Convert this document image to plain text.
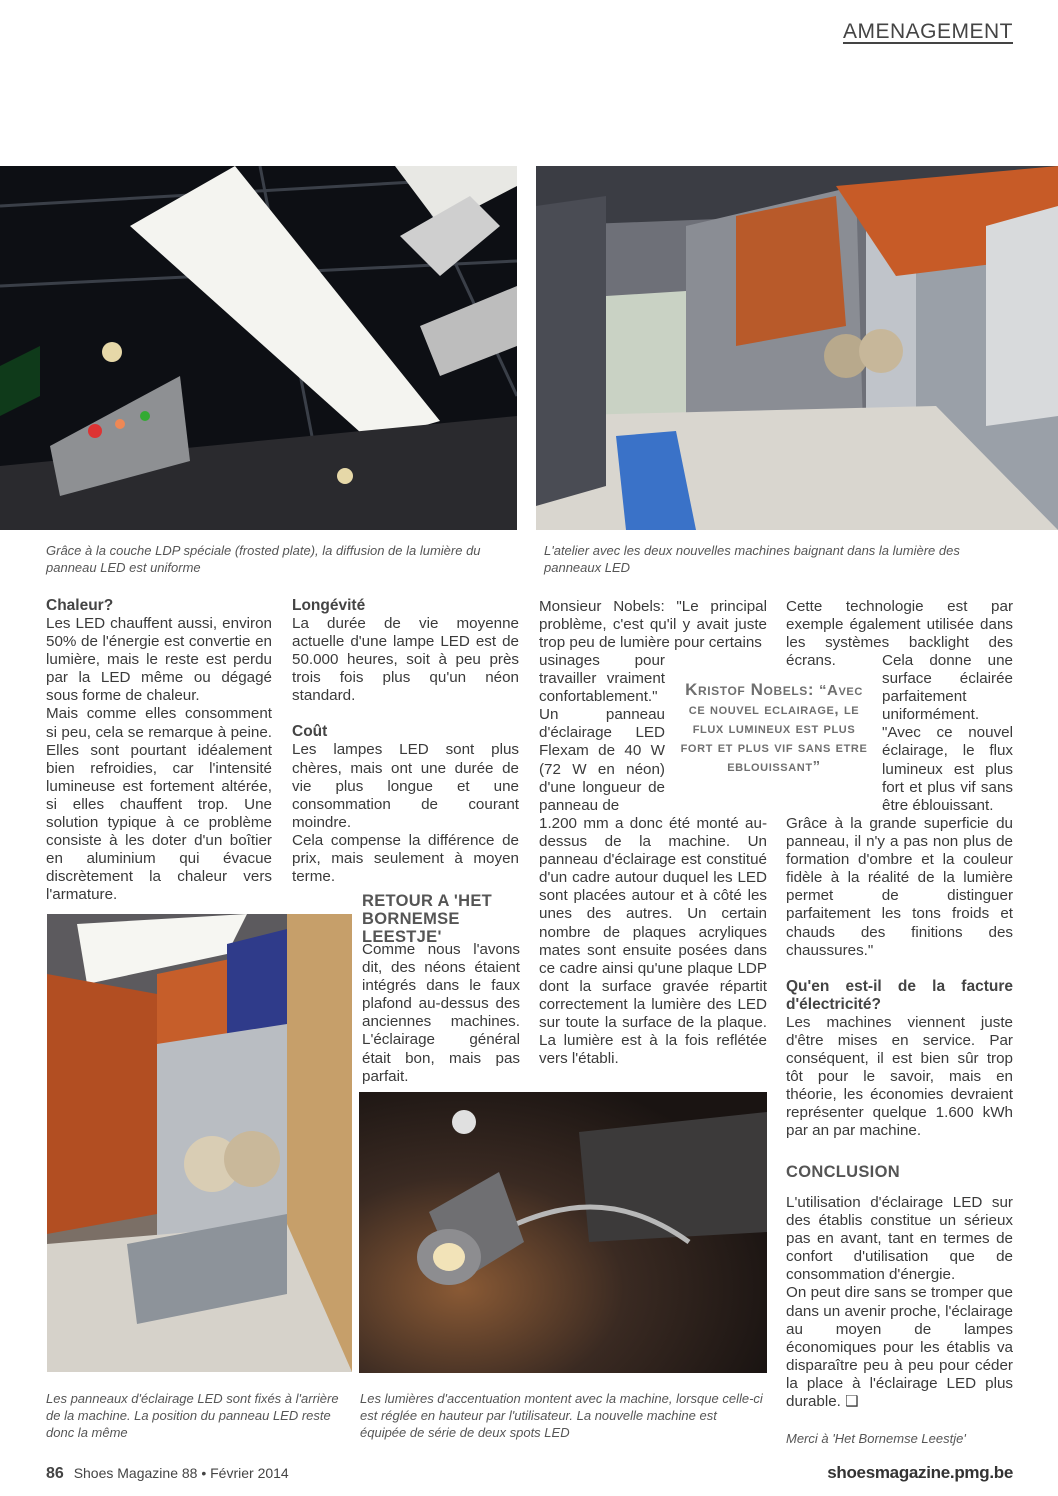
AMENAGEMENT
Grâce à la couche LDP spéciale (frosted plate), la diffusion de la lumière du panneau LED est uniforme
L'atelier avec les deux nouvelles machines baignant dans la lumière des panneaux LED
Chaleur?

Les LED chauffent aussi, environ 50% de l'énergie est convertie en lumière, mais le reste est perdu par la LED même ou dégagé sous forme de chaleur.

Mais comme elles consomment si peu, cela se remarque à peine. Elles sont pourtant idéalement bien refroidies, car l'intensité lumineuse est fortement altérée, si elles chauffent trop. Une solution typique à ce problème consiste à les doter d'un boîtier en aluminium qui évacue discrètement la chaleur vers l'armature.

Longévité

La durée de vie moyenne actuelle d'une lampe LED est de 50.000 heures, soit à peu près trois fois plus qu'un néon standard.

Coût

Les lampes LED sont plus chères, mais ont une durée de vie plus longue et une consommation de courant moindre.

Cela compense la différence de prix, mais seulement à moyen terme.

RETOUR A 'HET BORNEMSE LEESTJE'

Comme nous l'avons dit, des néons étaient intégrés dans le faux plafond au-dessus des anciennes machines. L'éclairage général était bon, mais pas parfait.

Monsieur Nobels: "Le principal problème, c'est qu'il y avait juste trop peu de lumière pour certains

usinages pour travailler vraiment confortablement."

Un panneau d'éclairage LED Flexam de 40 W (72 W en néon) d'une longueur de panneau de

1.200 mm a donc été monté au-dessus de la machine. Un panneau d'éclairage est constitué d'un cadre autour duquel les LED sont placées autour et à côté les unes des autres. Un certain nombre de plaques acryliques mates sont ensuite posées dans ce cadre ainsi qu'une plaque LDP dont la surface gravée répartit correctement la lumière des LED sur toute la surface de la plaque. La lumière est à la fois reflétée vers l'établi.

Kristof Nobels: “Avec ce nouvel eclairage, le flux lumineux est plus fort et plus vif sans etre eblouissant”

Cette technologie est par exemple également utilisée dans les systèmes backlight des écrans.	Cela donne une surface éclairée parfaitement uniformément.

"Avec ce nouvel éclairage, le flux lumineux est plus fort et plus vif sans être éblouissant.

Grâce à la grande superficie du panneau, il n'y a pas non plus de formation d'ombre et la couleur fidèle à la réalité de la lumière permet de distinguer parfaitement les tons froids et chauds des finitions des chaussures."

Qu'en est-il de la facture d'électricité?

Les machines viennent juste d'être mises en service. Par conséquent, il est bien sûr trop tôt pour le savoir, mais en théorie, les économies devraient représenter quelque 1.600 kWh par an par machine.

CONCLUSION

L'utilisation d'éclairage LED sur des établis constitue un sérieux pas en avant, tant en termes de confort d'utilisation que de consommation d'énergie.

On peut dire sans se tromper que dans un avenir proche, l'éclairage au moyen de lampes économiques pour les établis va disparaître peu à peu pour céder la place à l'éclairage LED plus durable. ❑

Merci à 'Het Bornemse Leestje'
Les panneaux d'éclairage LED sont fixés à l'arrière de la machine. La position du panneau LED reste donc la même
Les lumières d'accentuation montent avec la machine, lorsque celle-ci est réglée en hauteur par l'utilisateur. La nouvelle machine est équipée de série de deux spots LED
86 Shoes Magazine 88 • Février 2014	shoesmagazine.pmg.be
